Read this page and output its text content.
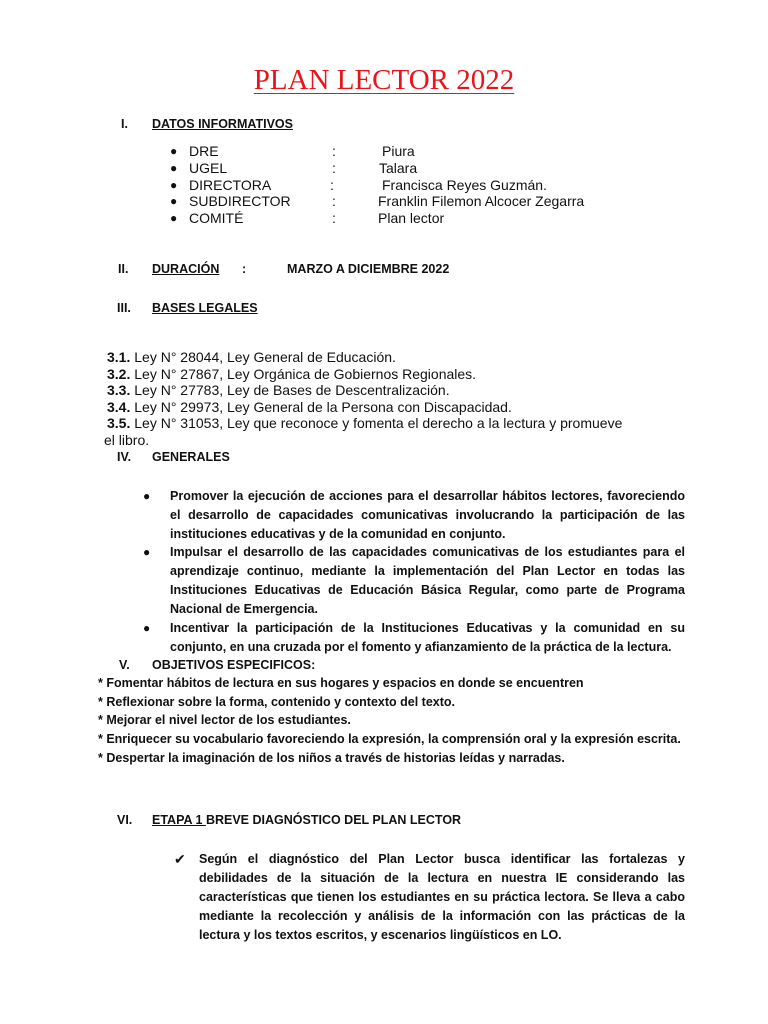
PLAN LECTOR 2022
I. DATOS INFORMATIVOS
● DRE	:	Piura
● UGEL	:	Talara
● DIRECTORA	:	Francisca Reyes Guzmán.
● SUBDIRECTOR	:	Franklin Filemon Alcocer Zegarra
● COMITÉ	:	Plan lector
II. DURACIÓN :	MARZO A DICIEMBRE 2022
III. BASES LEGALES
3.1. Ley N° 28044, Ley General de Educación.
3.2. Ley N° 27867, Ley Orgánica de Gobiernos Regionales.
3.3. Ley N° 27783, Ley de Bases de Descentralización.
3.4. Ley N° 29973, Ley General de la Persona con Discapacidad.
3.5. Ley N° 31053, Ley que reconoce y fomenta el derecho a la lectura y promueve
el libro.
IV. GENERALES
● Promover la ejecución de acciones para el desarrollar hábitos lectores, favoreciendo el desarrollo de capacidades comunicativas involucrando la participación de las instituciones educativas y de la comunidad en conjunto.
● Impulsar el desarrollo de las capacidades comunicativas de los estudiantes para el aprendizaje continuo, mediante la implementación del Plan Lector en todas las Instituciones Educativas de Educación Básica Regular, como parte de Programa Nacional de Emergencia.
● Incentivar la participación de la Instituciones Educativas y la comunidad en su conjunto, en una cruzada por el fomento y afianzamiento de la práctica de la lectura.
V. OBJETIVOS ESPECIFICOS:
* Fomentar hábitos de lectura en sus hogares y espacios en donde se encuentren
* Reflexionar sobre la forma, contenido y contexto del texto.
* Mejorar el nivel lector de los estudiantes.
* Enriquecer su vocabulario favoreciendo la expresión, la comprensión oral y la expresión escrita.
* Despertar la imaginación de los niños a través de historias leídas y narradas.
VI. ETAPA 1 BREVE DIAGNÓSTICO DEL PLAN LECTOR
✔ Según el diagnóstico del Plan Lector busca identificar las fortalezas y debilidades de la situación de la lectura en nuestra IE considerando las características que tienen los estudiantes en su práctica lectora. Se lleva a cabo mediante la recolección y análisis de la información con las prácticas de la lectura y los textos escritos, y escenarios lingüísticos en LO.
